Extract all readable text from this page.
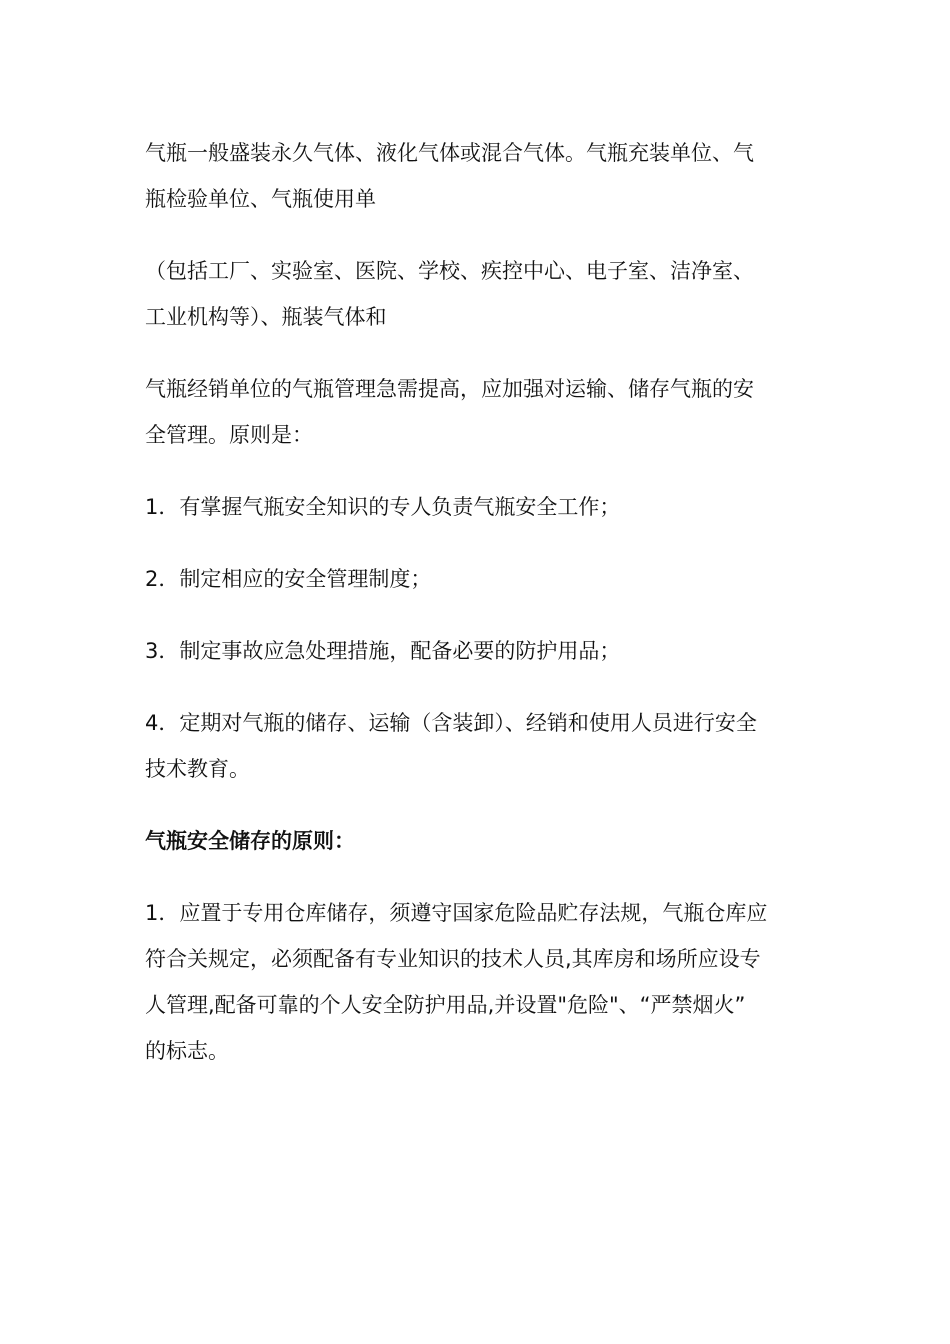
气瓶一般盛装永久气体、液化气体或混合气体。气瓶充装单位、气
瓶检验单位、气瓶使用单

（包括工厂、实验室、医院、学校、疾控中心、电子室、洁净室、
工业机构等）、瓶装气体和

气瓶经销单位的气瓶管理急需提高，应加强对运输、储存气瓶的安
全管理。原则是：

1．有掌握气瓶安全知识的专人负责气瓶安全工作；

2．制定相应的安全管理制度；

3．制定事故应急处理措施，配备必要的防护用品；

4．定期对气瓶的储存、运输（含装卸）、经销和使用人员进行安全
技术教育。

气瓶安全储存的原则：

1．应置于专用仓库储存，须遵守国家危险品贮存法规，气瓶仓库应
符合关规定，必须配备有专业知识的技术人员,其库房和场所应设专
人管理,配备可靠的个人安全防护用品,并设置"危险"、“严禁烟火”
的标志。
